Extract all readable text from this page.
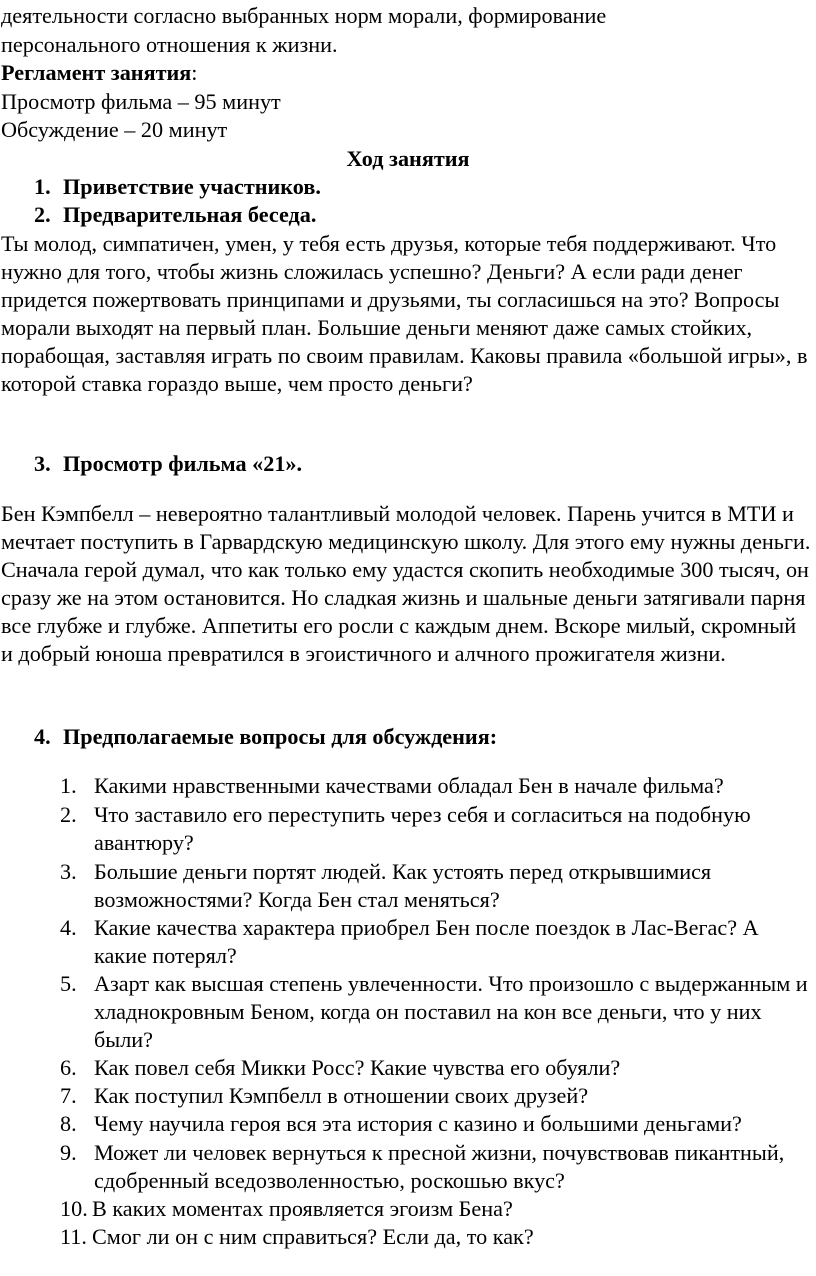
деятельности согласно выбранных норм морали, формирование
персонального отношения к жизни.
Регламент занятия:
Просмотр фильма – 95 минут
Обсуждение – 20 минут
Ход занятия
1. Приветствие участников.
2. Предварительная беседа.
Ты молод, симпатичен, умен, у тебя есть друзья, которые тебя поддерживают. Что нужно для того, чтобы жизнь сложилась успешно? Деньги? А если ради денег придется пожертвовать принципами и друзьями, ты согласишься на это? Вопросы морали выходят на первый план. Большие деньги меняют даже самых стойких, порабощая, заставляя играть по своим правилам. Каковы правила «большой игры», в которой ставка гораздо выше, чем просто деньги?
3. Просмотр фильма «21».
Бен Кэмпбелл – невероятно талантливый молодой человек. Парень учится в МТИ и мечтает поступить в Гарвардскую медицинскую школу. Для этого ему нужны деньги. Сначала герой думал, что как только ему удастся скопить необходимые 300 тысяч, он сразу же на этом остановится. Но сладкая жизнь и шальные деньги затягивали парня все глубже и глубже. Аппетиты его росли с каждым днем. Вскоре милый, скромный и добрый юноша превратился в эгоистичного и алчного прожигателя жизни.
4. Предполагаемые вопросы для обсуждения:
1. Какими нравственными качествами обладал Бен в начале фильма?
2. Что заставило его переступить через себя и согласиться на подобную авантюру?
3. Большие деньги портят людей. Как устоять перед открывшимися возможностями? Когда Бен стал меняться?
4. Какие качества характера приобрел Бен после поездок в Лас-Вегас? А какие потерял?
5. Азарт как высшая степень увлеченности. Что произошло с выдержанным и хладнокровным Беном, когда он поставил на кон все деньги, что у них были?
6. Как повел себя Микки Росс? Какие чувства его обуяли?
7. Как поступил Кэмпбелл в отношении своих друзей?
8. Чему научила героя вся эта история с казино и большими деньгами?
9. Может ли человек вернуться к пресной жизни, почувствовав пикантный, сдобренный вседозволенностью, роскошью вкус?
10. В каких моментах проявляется эгоизм Бена?
11. Смог ли он с ним справиться? Если да, то как?
